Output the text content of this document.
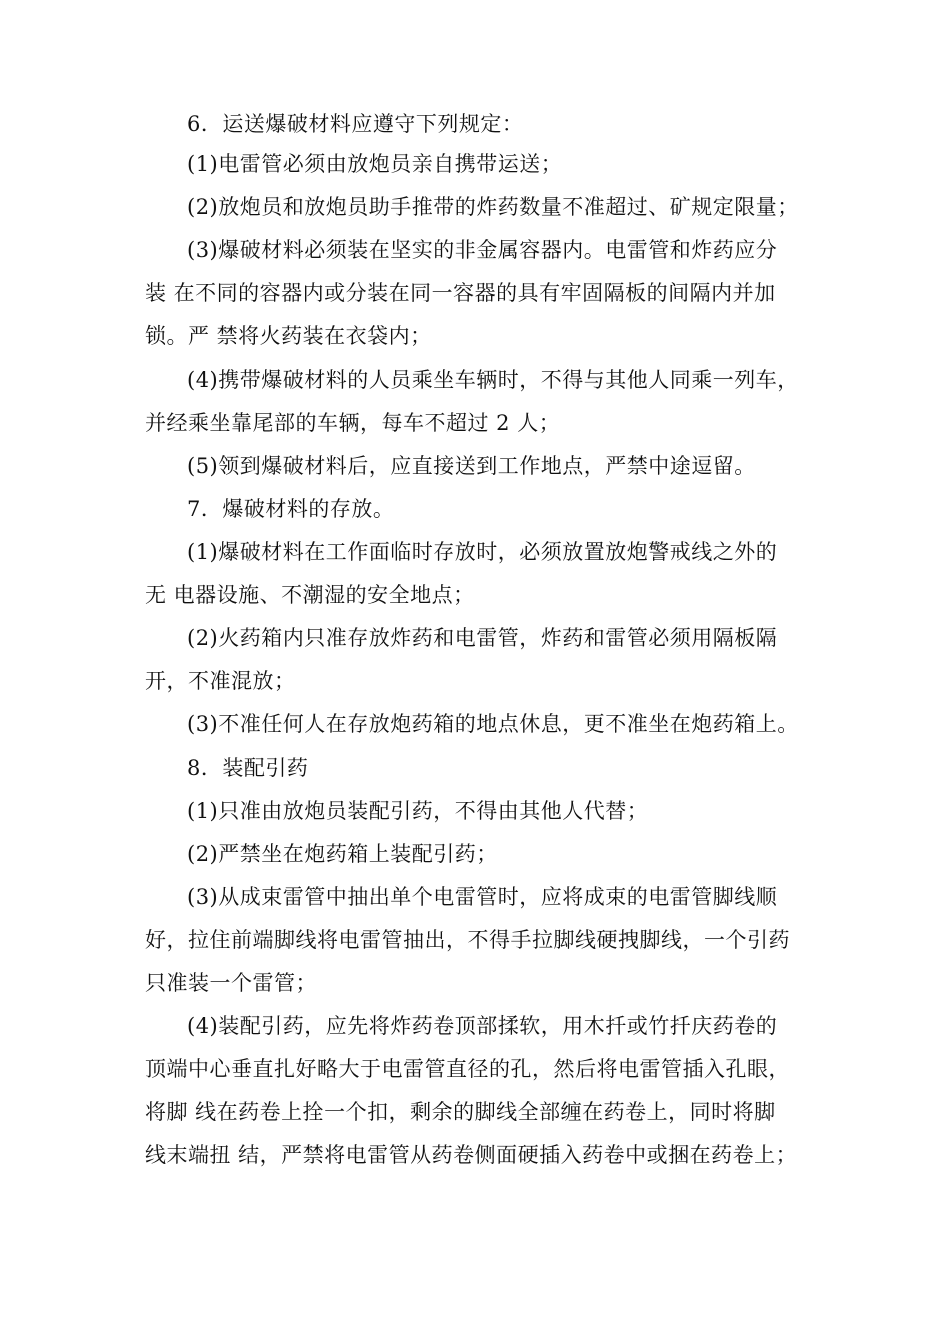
6．运送爆破材料应遵守下列规定：
(1)电雷管必须由放炮员亲自携带运送；
(2)放炮员和放炮员助手推带的炸药数量不准超过、矿规定限量；
(3)爆破材料必须装在坚实的非金属容器内。电雷管和炸药应分
装 在不同的容器内或分装在同一容器的具有牢固隔板的间隔内并加
锁。严 禁将火药装在衣袋内；
(4)携带爆破材料的人员乘坐车辆时，不得与其他人同乘一列车，
并经乘坐靠尾部的车辆，每车不超过 2 人；
(5)领到爆破材料后，应直接送到工作地点，严禁中途逗留。
7．爆破材料的存放。
(1)爆破材料在工作面临时存放时，必须放置放炮警戒线之外的
无 电器设施、不潮湿的安全地点；
(2)火药箱内只准存放炸药和电雷管，炸药和雷管必须用隔板隔
开，不准混放；
(3)不准任何人在存放炮药箱的地点休息，更不准坐在炮药箱上。
8．装配引药
(1)只准由放炮员装配引药，不得由其他人代替；
(2)严禁坐在炮药箱上装配引药；
(3)从成束雷管中抽出单个电雷管时，应将成束的电雷管脚线顺
好，拉住前端脚线将电雷管抽出，不得手拉脚线硬拽脚线，一个引药
只准装一个雷管；
(4)装配引药，应先将炸药卷顶部揉软，用木扦或竹扦庆药卷的
顶端中心垂直扎好略大于电雷管直径的孔，然后将电雷管插入孔眼，
将脚 线在药卷上拴一个扣，剩余的脚线全部缠在药卷上，同时将脚
线末端扭 结，严禁将电雷管从药卷侧面硬插入药卷中或捆在药卷上；
